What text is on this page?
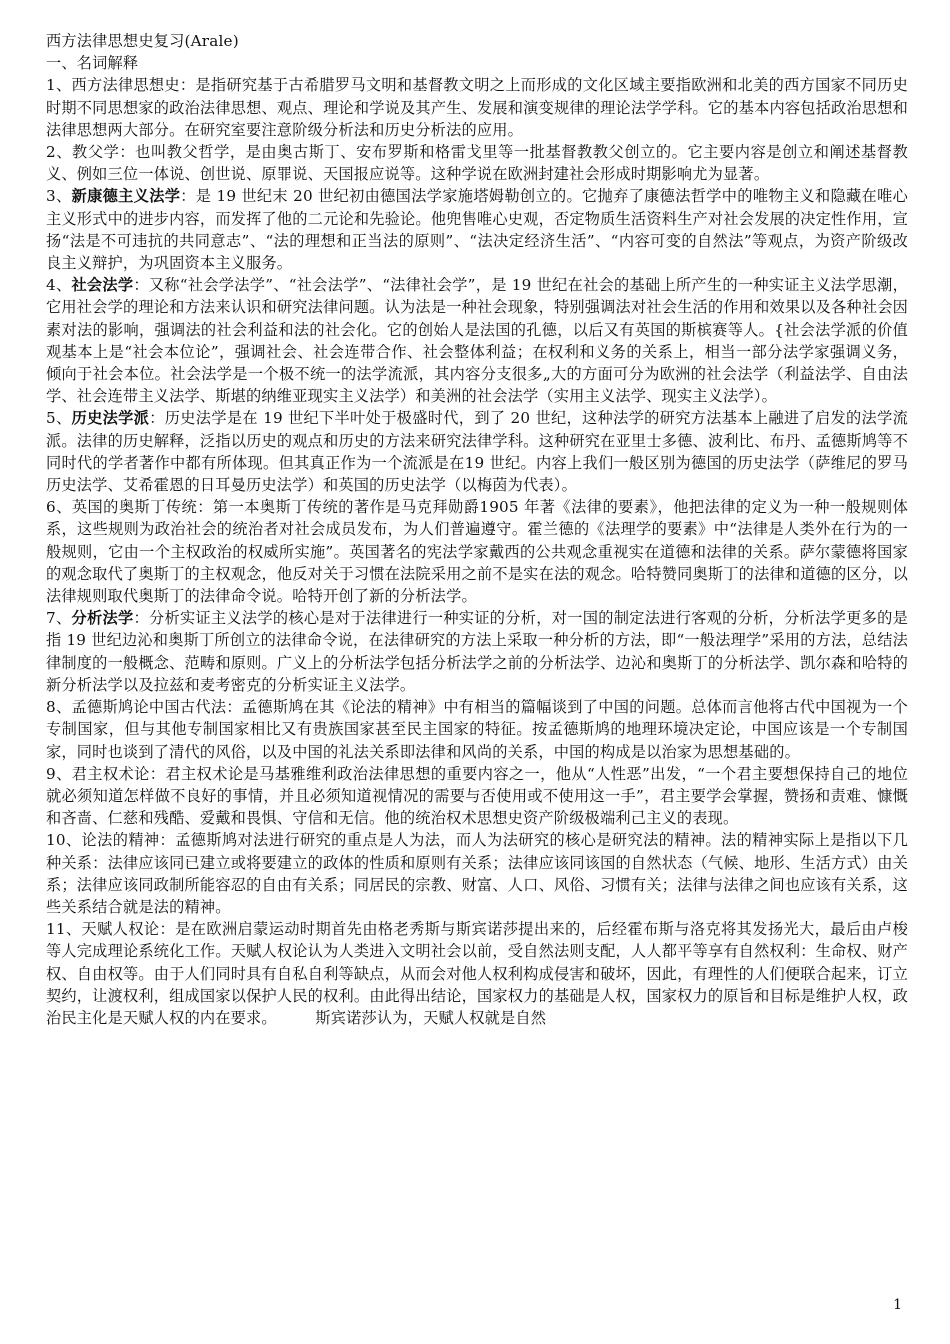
西方法律思想史复习(Arale)

一、名词解释

1、西方法律思想史：是指研究基于古希腊罗马文明和基督教文明之上而形成的文化区域主要指欧洲和北美的西方国家不同历史时期不同思想家的政治法律思想、观点、理论和学说及其产生、发展和演变规律的理论法学学科。它的基本内容包括政治思想和法律思想两大部分。在研究室要注意阶级分析法和历史分析法的应用。

2、教父学：也叫教父哲学，是由奥古斯丁、安布罗斯和格雷戈里等一批基督教教父创立的。它主要内容是创立和阐述基督教义、例如三位一体说、创世说、原罪说、天国报应说等。这种学说在欧洲封建社会形成时期影响尤为显著。

3、新康德主义法学：是 19 世纪末 20 世纪初由德国法学家施塔姆勒创立的。它抛弃了康德法哲学中的唯物主义和隐藏在唯心主义形式中的进步内容，而发挥了他的二元论和先验论。他兜售唯心史观，否定物质生活资料生产对社会发展的决定性作用，宣扬“法是不可违抗的共同意志”、“法的理想和正当法的原则”、“法决定经济生活”、“内容可变的自然法”等观点，为资产阶级改良主义辩护，为巩固资本主义服务。

4、社会法学：又称“社会学法学”、“社会法学”、“法律社会学”，是 19 世纪在社会的基础上所产生的一种实证主义法学思潮，它用社会学的理论和方法来认识和研究法律问题。认为法是一种社会现象，特别强调法对社会生活的作用和效果以及各种社会因素对法的影响，强调法的社会利益和法的社会化。它的创始人是法国的孔德，以后又有英国的斯槟赛等人。{社会法学派的价值观基本上是“社会本位论”，强调社会、社会连带合作、社会整体利益；在权利和义务的关系上，相当一部分法学家强调义务，倾向于社会本位。社会法学是一个极不统一的法学流派，其内容分支很多„大的方面可分为欧洲的社会法学（利益法学、自由法学、社会连带主义法学、斯堪的纳维亚现实主义法学）和美洲的社会法学（实用主义法学、现实主义法学）。

5、历史法学派：历史法学是在 19 世纪下半叶处于极盛时代，到了 20 世纪，这种法学的研究方法基本上融进了启发的法学流派。法律的历史解释，泛指以历史的观点和历史的方法来研究法律学科。这种研究在亚里士多德、波利比、布丹、孟德斯鸠等不同时代的学者著作中都有所体现。但其真正作为一个流派是在19 世纪。内容上我们一般区别为德国的历史法学（萨维尼的罗马历史法学、艾希霍恩的日耳曼历史法学）和英国的历史法学（以梅茵为代表）。

6、英国的奥斯丁传统：第一本奥斯丁传统的著作是马克拜勋爵1905 年著《法律的要素》，他把法律的定义为一种一般规则体系，这些规则为政治社会的统治者对社会成员发布，为人们普遍遵守。霍兰德的《法理学的要素》中“法律是人类外在行为的一般规则，它由一个主权政治的权威所实施”。英国著名的宪法学家戴西的公共观念重视实在道德和法律的关系。萨尔蒙德将国家的观念取代了奥斯丁的主权观念，他反对关于习惯在法院采用之前不是实在法的观念。哈特赞同奥斯丁的法律和道德的区分，以法律规则取代奥斯丁的法律命令说。哈特开创了新的分析法学。

7、分析法学：分析实证主义法学的核心是对于法律进行一种实证的分析，对一国的制定法进行客观的分析，分析法学更多的是指 19 世纪边沁和奥斯丁所创立的法律命令说，在法律研究的方法上采取一种分析的方法，即“一般法理学”采用的方法，总结法律制度的一般概念、范畴和原则。广义上的分析法学包括分析法学之前的分析法学、边沁和奥斯丁的分析法学、凯尔森和哈特的新分析法学以及拉兹和麦考密克的分析实证主义法学。

8、孟德斯鸠论中国古代法：孟德斯鸠在其《论法的精神》中有相当的篇幅谈到了中国的问题。总体而言他将古代中国视为一个专制国家，但与其他专制国家相比又有贵族国家甚至民主国家的特征。按孟德斯鸠的地理环境决定论，中国应该是一个专制国家，同时也谈到了清代的风俗，以及中国的礼法关系即法律和风尚的关系，中国的构成是以治家为思想基础的。

9、君主权术论：君主权术论是马基雅维利政治法律思想的重要内容之一，他从“人性恶”出发，“一个君主要想保持自己的地位就必须知道怎样做不良好的事情，并且必须知道视情况的需要与否使用或不使用这一手”，君主要学会掌握，赞扬和责难、慷慨和吝啬、仁慈和残酷、爱戴和畏惧、守信和无信。他的统治权术思想史资产阶级极端利己主义的表现。

10、论法的精神：孟德斯鸠对法进行研究的重点是人为法，而人为法研究的核心是研究法的精神。法的精神实际上是指以下几种关系：法律应该同已建立或将要建立的政体的性质和原则有关系；法律应该同该国的自然状态（气候、地形、生活方式）由关系；法律应该同政制所能容忍的自由有关系；同居民的宗教、财富、人口、风俗、习惯有关；法律与法律之间也应该有关系，这些关系结合就是法的精神。

11、天赋人权论：是在欧洲启蒙运动时期首先由格老秀斯与斯宾诺莎提出来的，后经霍布斯与洛克将其发扬光大，最后由卢梭等人完成理论系统化工作。天赋人权论认为人类进入文明社会以前，受自然法则支配，人人都平等享有自然权利：生命权、财产权、自由权等。由于人们同时具有自私自利等缺点，从而会对他人权利构成侵害和破坏，因此，有理性的人们便联合起来，订立契约，让渡权利，组成国家以保护人民的权利。由此得出结论，国家权力的基础是人权，国家权力的原旨和目标是维护人权，政治民主化是天赋人权的内在要求。　　　斯宾诺莎认为，天赋人权就是自然

1
